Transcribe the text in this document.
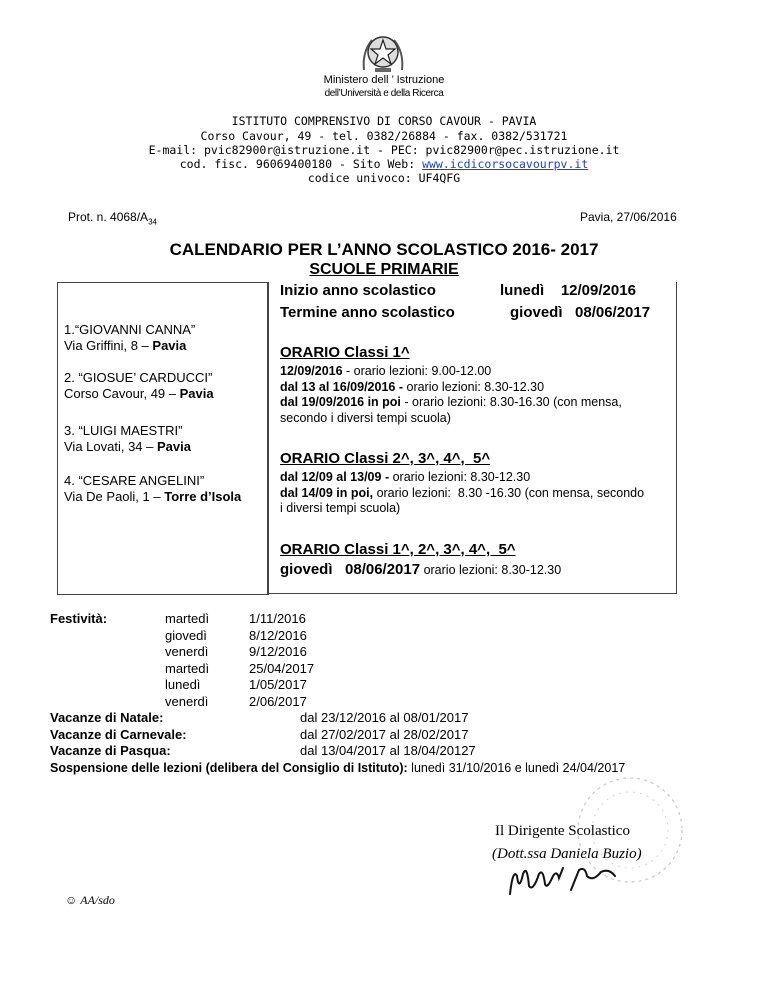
Ministero dell ’ Istruzione
dell’Università e della Ricerca
ISTITUTO COMPRENSIVO DI CORSO CAVOUR - PAVIA
Corso Cavour, 49 - tel. 0382/26884 - fax. 0382/531721
E-mail: pvic82900r@istruzione.it - PEC: pvic82900r@pec.istruzione.it
cod. fisc. 96069400180 - Sito Web: www.icdicorsocavourpv.it
codice univoco: UF4QFG
Prot. n. $4068/A_{34}$	Pavia, 27/06/2016
CALENDARIO PER L’ANNO SCOLASTICO 2016- 2017
SCUOLE PRIMARIE
Inizio anno scolastico	lunedì    12/09/2016
Termine anno scolastico	giovedì   08/06/2017
1.“GIOVANNI CANNA”
Via Griffini, 8 – Pavia
2. “GIOSUE’ CARDUCCI”
Corso Cavour, 49 – Pavia
3. “LUIGI MAESTRI”
Via Lovati, 34 – Pavia
4. “CESARE ANGELINI”
Via De Paoli, 1 – Torre d’Isola
ORARIO Classi 1^
12/09/2016 - orario lezioni: 9.00-12.00
dal 13 al 16/09/2016 - orario lezioni: 8.30-12.30
dal 19/09/2016 in poi - orario lezioni: 8.30-16.30 (con mensa,
secondo i diversi tempi scuola)
ORARIO Classi 2^, 3^, 4^,  5^
dal 12/09 al 13/09 - orario lezioni: 8.30-12.30
dal 14/09 in poi, orario lezioni:  8.30 -16.30 (con mensa, secondo
i diversi tempi scuola)
ORARIO Classi 1^, 2^, 3^, 4^,  5^
giovedì   08/06/2017 orario lezioni: 8.30-12.30
Festività:	martedì	1/11/2016
giovedì	8/12/2016
venerdì	9/12/2016
martedì	25/04/2017
lunedì	1/05/2017
venerdì	2/06/2017
Vacanze di Natale:	dal 23/12/2016 al 08/01/2017
Vacanze di Carnevale:	dal 27/02/2017 al 28/02/2017
Vacanze di Pasqua:	dal 13/04/2017 al 18/04/20127
Sospensione delle lezioni (delibera del Consiglio di Istituto): lunedì 31/10/2016 e lunedì 24/04/2017
Il Dirigente Scolastico
(Dott.ssa Daniela Buzio)
☺ AA/sdo
